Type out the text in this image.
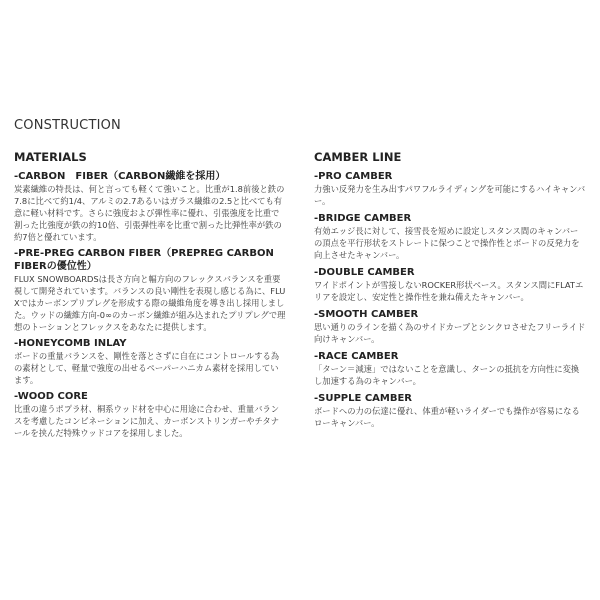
CONSTRUCTION
MATERIALS
-CARBON　FIBER（CARBON繊維を採用）
炭素繊維の特長は、何と言っても軽くて強いこと。比重が1.8前後と鉄の7.8に比べて約1/4、アルミの2.7あるいはガラス繊維の2.5と比べても有意に軽い材料です。さらに強度および弾性率に優れ、引張強度を比重で割った比強度が鉄の約10倍、引張弾性率を比重で割った比弾性率が鉄の約7倍と優れています。
-PRE-PREG CARBON FIBER（PREPREG CARBON FIBERの優位性）
FLUX SNOWBOARDSは長さ方向と幅方向のフレックスバランスを重要視して開発されています。バランスの良い剛性を表現し感じる為に、FLUXではカーボンプリプレグを形成する際の繊維角度を導き出し採用しました。ウッドの繊維方向-0∞のカーボン繊維が組み込まれたプリプレグで理想のトーションとフレックスをあなたに提供します。
-HONEYCOMB INLAY
ボードの重量バランスを、剛性を落とさずに自在にコントロールする為の素材として、軽量で強度の出せるペーパーハニカム素材を採用しています。
-WOOD CORE
比重の違うポプラ材、桐系ウッド材を中心に用途に合わせ、重量バランスを考慮したコンビネーションに加え、カーボンストリンガーやチタナールを挟んだ特殊ウッドコアを採用しました。
CAMBER LINE
-PRO CAMBER
力強い反発力を生み出すパワフルライディングを可能にするハイキャンバー。
-BRIDGE CAMBER
有効エッジ長に対して、接雪長を短めに設定しスタンス間のキャンバーの頂点を平行形状をストレートに保つことで操作性とボードの反発力を向上させたキャンバー。
-DOUBLE CAMBER
ワイドポイントが雪接しないROCKER形状ベース。スタンス間にFLATエリアを設定し、安定性と操作性を兼ね備えたキャンバー。
-SMOOTH CAMBER
思い通りのラインを描く為のサイドカーブとシンクロさせたフリーライド向けキャンバー。
-RACE CAMBER
「ターン＝減速」ではないことを意識し、ターンの抵抗を方向性に変換し加速する為のキャンバー。
-SUPPLE CAMBER
ボードへの力の伝達に優れ、体重が軽いライダーでも操作が容易になるローキャンバー。
